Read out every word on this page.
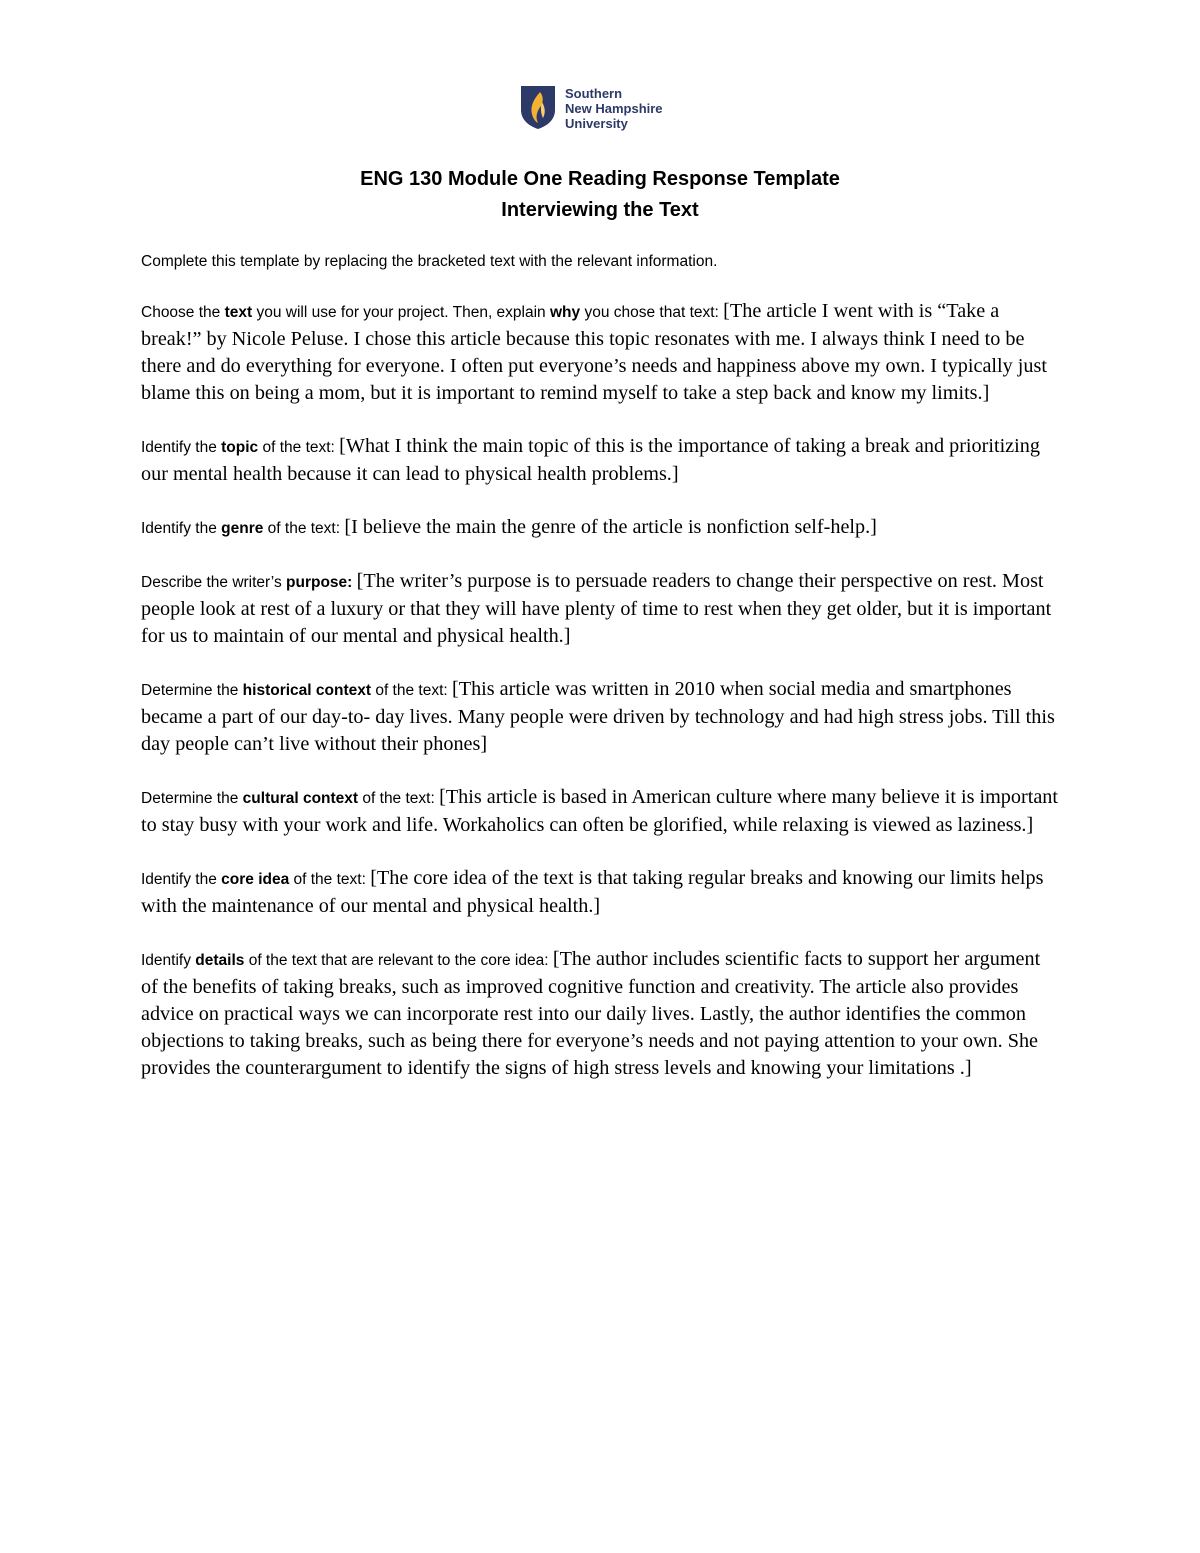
Southern
New Hampshire
University
ENG 130 Module One Reading Response Template
Interviewing the Text
Complete this template by replacing the bracketed text with the relevant information.
Choose the text you will use for your project. Then, explain why you chose that text: [The article I went with is “Take a break!” by Nicole Peluse. I chose this article because this topic resonates with me. I always think I need to be there and do everything for everyone. I often put everyone’s needs and happiness above my own. I typically just blame this on being a mom, but it is important to remind myself to take a step back and know my limits.]
Identify the topic of the text: [What I think the main topic of this is the importance of taking a break and prioritizing our mental health because it can lead to physical health problems.]
Identify the genre of the text: [I believe the main the genre of the article is nonfiction self-help.]
Describe the writer’s purpose: [The writer’s purpose is to persuade readers to change their perspective on rest. Most people look at rest of a luxury or that they will have plenty of time to rest when they get older, but it is important for us to maintain of our mental and physical health.]
Determine the historical context of the text: [This article was written in 2010 when social media and smartphones became a part of our day-to- day lives. Many people were driven by technology and had high stress jobs. Till this day people can’t live without their phones]
Determine the cultural context of the text: [This article is based in American culture where many believe it is important to stay busy with your work and life. Workaholics can often be glorified, while relaxing is viewed as laziness.]
Identify the core idea of the text: [The core idea of the text is that taking regular breaks and knowing our limits helps with the maintenance of our mental and physical health.]
Identify details of the text that are relevant to the core idea: [The author includes scientific facts to support her argument of the benefits of taking breaks, such as improved cognitive function and creativity. The article also provides advice on practical ways we can incorporate rest into our daily lives. Lastly, the author identifies the common objections to taking breaks, such as being there for everyone’s needs and not paying attention to your own. She provides the counterargument to identify the signs of high stress levels and knowing your limitations .]
